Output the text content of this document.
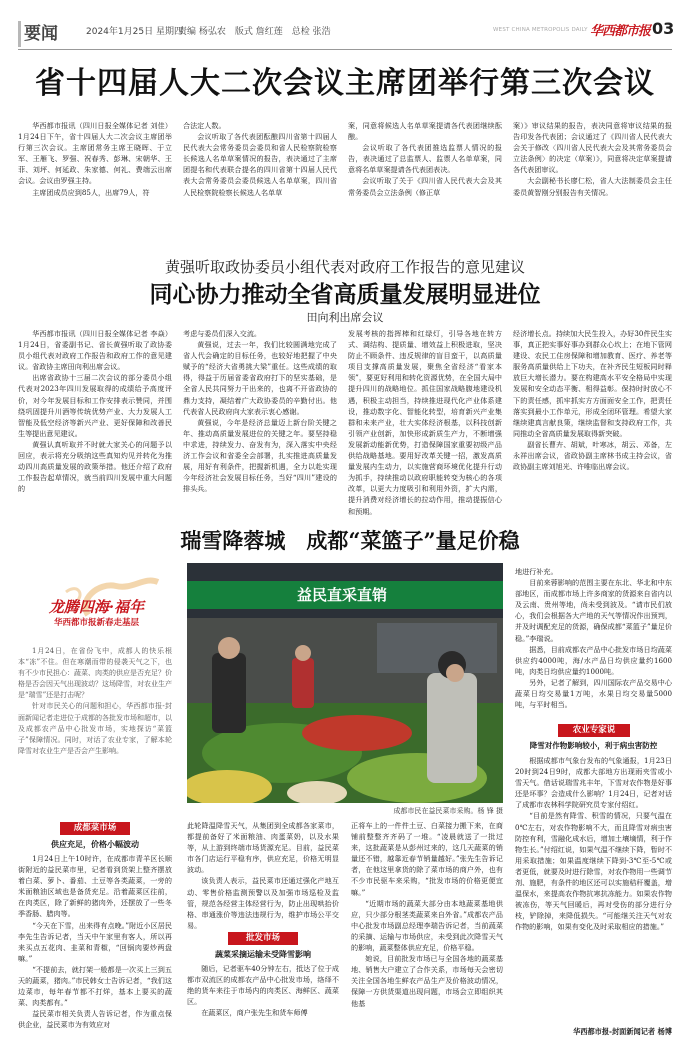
要闻	2024年1月25日 星期四
责编 杨弘农　版式 詹红莲　总检 张浩	WEST CHINA METROPOLIS DAILY 华西都市报 03
省十四届人大二次会议主席团举行第三次会议

华西都市报讯（四川日报全媒体记者 刘佳）1月24日下午，省十四届人大二次会议主席团举行第三次会议。主席团常务主席王晓晖、于立军、王雁飞、罗强、祝春秀、彭琳、宋朝华、王菲、刘坪、何延政、朱家德、何礼、费端云出席会议。会议由罗强主持。

主席团成员应到85人，出席79人，符

合法定人数。

会议听取了各代表团酝酿四川省第十四届人民代表大会常务委员会委员和省人民检察院检察长候选人名单草案情况的报告，表决通过了主席团提名和代表联合提名的四川省第十四届人民代表大会常务委员会委员候选人名单草案，四川省人民检察院检察长候选人名单草

案，同意将候选人名单草案提请各代表团继续酝酿。

会议听取了各代表团推选监票人情况的报告，表决通过了总监票人、监票人名单草案，同意将名单草案提请各代表团表决。

会议听取了关于《四川省人民代表大会及其常务委员会立法条例（修正草

案）》审议结果的报告，表决同意将审议结果的报告印发各代表团；会议通过了《四川省人民代表大会关于修改〈四川省人民代表大会及其常务委员会立法条例〉的决定（草案）》，同意将决定草案提请各代表团审议。

大会副秘书长廖仁松，省人大法制委员会主任委员黄智刚分别报告有关情况。

黄强听取政协委员小组代表对政府工作报告的意见建议
同心协力推动全省高质量发展明显进位
田向利出席会议

华西都市报讯（四川日报全媒体记者 李焱）1月24日，省委副书记、省长黄强听取了政协委员小组代表对政府工作报告和政府工作的意见建议。省政协主席田向利出席会议。

出席省政协十三届二次会议的部分委员小组代表对2023年四川发展取得的成绩给予高度评价，对今年发展目标和工作安排表示赞同，并围绕巩固提升川酒等传统优势产业、大力发展人工智能及低空经济等新兴产业、更好保障和改善民生等提出意见建议。

黄强认真听取并不时就大家关心的问题予以回应，表示将充分吸纳这些真知灼见并转化为推动四川高质量发展的政策举措。他还介绍了政府工作报告起草情况，就当前四川发展中重大问题的

考虑与委员们深入交流。

黄强说，过去一年，我们比较圆满地完成了省人代会确定的目标任务，也较好地把握了中央赋予的“经济大省勇挑大梁”重任。这些成绩的取得，得益于历届省委省政府打下的坚实基础，是全省人民共同努力干出来的，也离不开省政协的鼎力支持，凝结着广大政协委员的辛勤付出。他代表省人民政府向大家表示衷心感谢。

黄强说，今年是经济总量迈上新台阶关键之年、推动高质量发展进位的关键之年。要坚持稳中求进，持续发力、奋发有为，深入落实中央经济工作会议和省委全会部署，扎实推进高质量发展，用好有利条件，把握新机遇，全力以赴实现今年经济社会发展目标任务，当好“四川”建设的排头兵。

发展考核的指挥棒和红绿灯，引导各地在转方式、调结构、提质量、增效益上积极进取，坚决防止不顾条件、违反规律的盲目蛮干，以高质量项目支撑高质量发展，聚焦全省经济“看家本领”，要更好利用和转化资源优势，在全国大局中提升四川的战略地位。抓住国家战略腹地建设机遇，积极主动担当，持续推进现代化产业体系建设，推动数字化、智能化转型，培育新兴产业集群和未来产业，壮大实体经济根基，以科技创新引领产业创新，加快形成新质生产力，不断增强发展新动能新优势，打造保障国家重要初级产品供给战略基地。要用好改革关键一招，激发高质量发展内生动力，以实施营商环境优化提升行动为抓手，持续推动以政府职能转变为核心的各项改革，以更大力度吸引和利用外资，扩大内需，提升消费对经济增长的拉动作用，推动提振信心和预期。

经济增长点。持续加大民生投入，办好30件民生实事，真正把实事好事办到群众心坎上；在地下管网建设、农民工住房保障和增加教育、医疗、养老等服务高质量供给上下功夫，在补齐民生短板同时释放巨大增长潜力。要在构建高水平安全格局中实现发展和安全动态平衡、相得益彰。保持时时放心不下的责任感，抓牢抓实方方面面安全工作，把责任落实到最小工作单元，形成全闭环管理。希望大家继续建真言献良策，继续监督和支持政府工作，共同推动全省高质量发展取得新突破。

副省长曹卉、胡斌，叶寒冰，胡云、邓备，左永祥出席会议，省政协副主席林书成主持会议，省政协副主席刘旭光、许唯临出席会议。

瑞雪降蓉城　成都“菜篮子”量足价稳
龙腾四海·福年
华西都市报新春走基层

1月24日，在省份飞中，成都人的快乐根本“冻”不住。但在寒潮而带的侵袭天气之下，也有不少市民担心：蔬菜、肉类的供应是否充足？价格是否会因天气出现波动？这场降雪，对农业生产是“瑞雪”还是打击呢？

针对市民关心的问题和担心，华西都市报-封面新闻记者走进位于成都的各批发市场和超市，以及成都农产品中心批发市场，实地探访“菜篮子”保障情况。同时，对话了农业专家，了解本轮降雪对农业生产是否会产生影响。

成都菜市场
供应充足，价格小幅波动

1月24日上午10时许，在成都市青羊区长顺街附近的益民菜市里，记者看到货架上整齐摆放着白菜、萝卜、番茄、土豆等各类蔬菜，一旁的米面粮油区域也是备货充足。沿着蔬菜区往前，在肉类区，除了新鲜的猪肉外，还摆放了一些冬季香肠、腊肉等。

“今天在下雪，出来得有点晚。”附近小区居民李先生告诉记者，当天中午家里有客人，所以再来买点五花肉、韭菜和青椒，“回锅肉要炒两盘嘛。”

“不提前去，就打架一般都是一次买上三到五天的蔬菜，猪肉。”市民韩女士告诉记者，“我们这边菜市，每年春节都不打烊，基本上要买的蔬菜、肉类都有。”

益民菜市相关负责人告诉记者，作为重点保供企业，益民菜市为有效应对

益民直采直销
成都市民在益民菜市采购。杨 锋 摄

此轮降温降雪天气，从集团到全成都各家菜市，都提前备好了米面粮油、肉蛋菜奶，以及水果等，从上游到终端市场货源充足。目前，益民菜市各门店运行平稳有序，供应充足，价格无明显波动。

该负责人表示，益民菜市还通过强化产地互动、零售价格监测预警以及加强市场巡检及监管，规范各经营主体经营行为，防止出现哄抬价格、串通涨价等违法违规行为，维护市场公平交易。

批发市场
蔬菜采摘运输未受降雪影响

随后，记者驱车40分钟左右，抵达了位于成都市双流区的成都农产品中心批发市场，络绎不绝的货车来往于市场内的肉类区、海鲜区、蔬菜区。

在蔬菜区，商户张先生和货车师傅

正将车上的一件件土豆、白菜接力搬下来，在商铺前整整齐齐码了一堆。“凌晨就送了一批过来，这批蔬菜是从彭州过来的，这几天蔬菜的销量还不错，越靠近春节销量越好。”张先生告诉记者，在他这里拿货的除了菜市场的商户外，也有不少市民驱车来采购，“批发市场的价格更便宜嘛。”

“近期市场的蔬菜大部分由本地蔬菜基地供应，只少部分根茎类蔬菜来自外省。”成都农产品中心批发市场副总经理李瑞告诉记者，当前蔬菜的采摘、运输与市场供应，未受到此次降雪天气的影响，蔬菜整体供应充足，价格平稳。

她说，目前批发市场已与全国各地的蔬菜基地、销售大户建立了合作关系，市场每天会密切关注全国各地生鲜农产品生产及价格波动情况，保障一方供货渠道出现问题，市场会立即组织其他基

地进行补充。

目前来蓉影响的范围主要在东北、华北和中东部地区，而成都市场上许多商家的货源来自省内以及云南、贵州等地，尚未受到波及。“请市民们放心，我们会根据各大产地的天气等情况作出预判，并及时调配充足的货源，确保成都“菜篮子”量足价稳。”李瑞说。

据悉，目前成都农产品中心批发市场日均蔬菜供应约4000吨，海/水产品日均供应量约1600吨，肉类日均供应量约1000吨。

另外，记者了解到，四川国际农产品交易中心蔬菜日均交易量1万吨，水果日均交易量5000吨，与平时相当。

农业专家说
降雪对作物影响较小，利于病虫害防控

根据成都市气象台发布的气象通报，1月23日20时到24日9时，成都大部地方出现雨夹雪或小雪天气。借话说瑞雪兆丰年，下雪对农作物是好事还是坏事？会造成什么影响？1月24日，记者对话了成都市农林科学院研究员专家付绍红。

“目前是然有降雪、积雪的情况，只要气温在0℃左右，对农作物影响不大，而且降雪对病虫害防控有利，雪融化成水后，增加土壤墒情，利于作物生长。”付绍红说，如果气温不继续下降，暂时不用采取措施；如果温度继续下降到-3℃至-5℃或者更低，就要及时进行除雪，对农作物用一些调节剂、施肥，有条件的地区还可以实施秸秆覆盖，增温保水，来提高农作物抗寒抗冻能力。如果农作物被冻伤，等天气回暖后，再对受伤的部分进行分枝，铲除掉，来降低损失。“可能继关注天气对农作物的影响，如果有变化及时采取相应的措施。”

华西都市报-封面新闻记者 杨博
